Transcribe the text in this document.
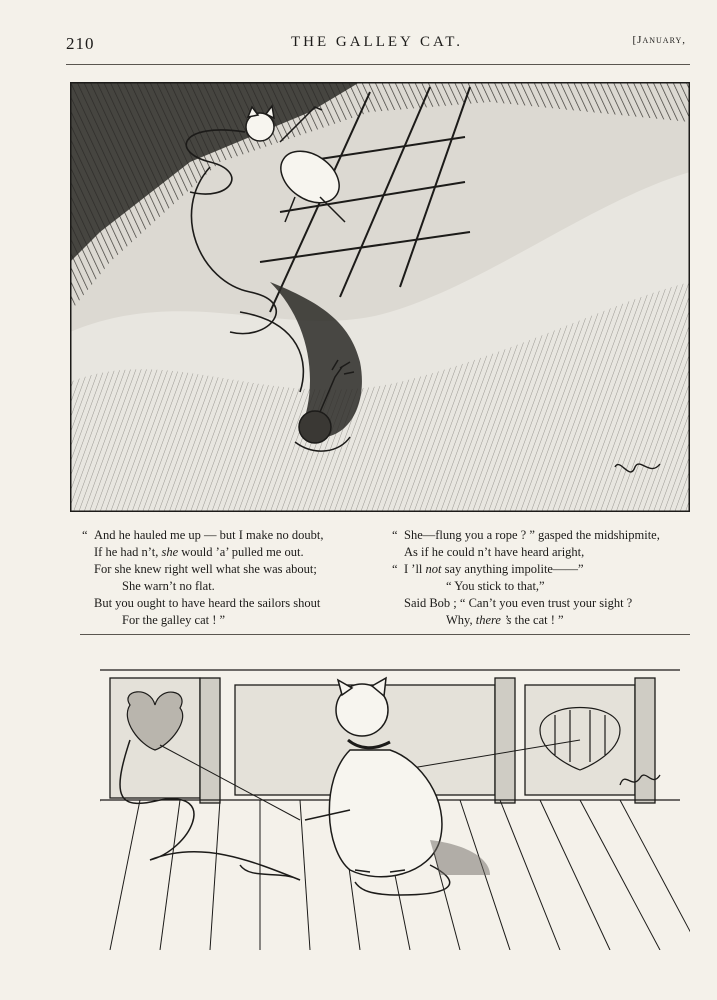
210	THE GALLEY CAT.	[January,
“ And he hauled me up — but I make no doubt,
If he had n’t, she would ’a’ pulled me out.
For she knew right well what she was about;
She warn’t no flat.
But you ought to have heard the sailors shout
For the galley cat ! ”
“ She—flung you a rope ? ” gasped the midshipmite,
As if he could n’t have heard aright,
“ I ’ll not say anything impolite——”
“ You stick to that,”
Said Bob ; “ Can’t you even trust your sight ?
Why, there ’s the cat ! ”
